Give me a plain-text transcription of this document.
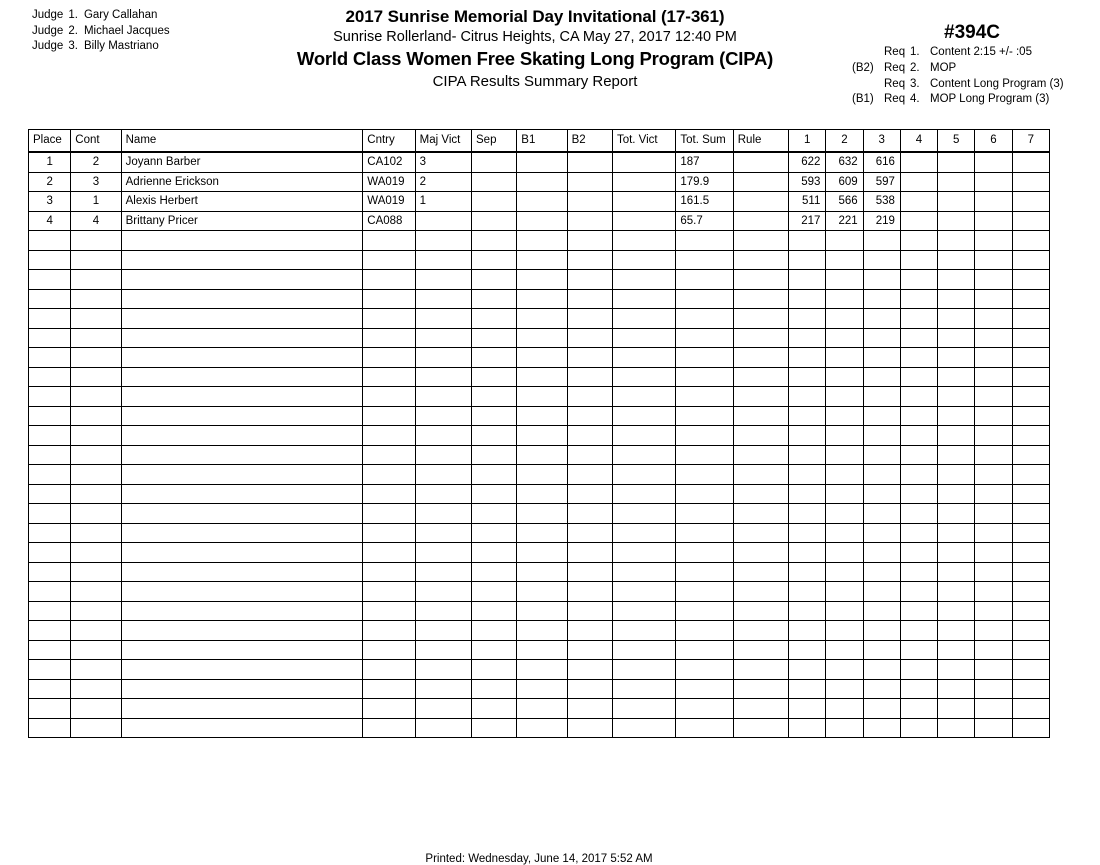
Judge 1. Gary Callahan
Judge 2. Michael Jacques
Judge 3. Billy Mastriano
2017 Sunrise Memorial Day Invitational (17-361)
Sunrise Rollerland- Citrus Heights, CA May 27, 2017 12:40 PM
World Class Women Free Skating Long Program (CIPA)
CIPA Results Summary Report
#394C
Req 1. Content 2:15 +/- :05
(B2) Req 2. MOP
Req 3. Content Long Program (3)
(B1) Req 4. MOP Long Program (3)
Place	Cont	Name	Cntry	Maj Vict	Sep	B1	B2	Tot. Vict	Tot. Sum	Rule	1	2	3	4	5	6	7
1	2	Joyann Barber	CA102	3					187		622	632	616				
2	3	Adrienne Erickson	WA019	2					179.9		593	609	597				
3	1	Alexis Herbert	WA019	1					161.5		511	566	538				
4	4	Brittany Pricer	CA088						65.7		217	221	219				

Printed: Wednesday, June 14, 2017 5:52 AM
